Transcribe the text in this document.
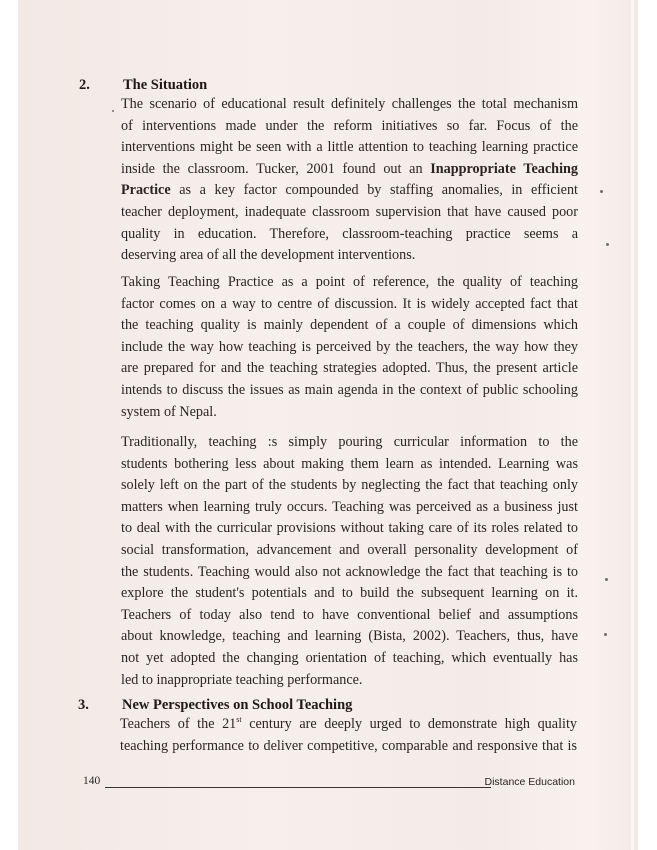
2. The Situation
The scenario of educational result definitely challenges the total mechanism
of interventions made under the reform initiatives so far. Focus of the
interventions might be seen with a little attention to teaching learning practice
inside the classroom. Tucker, 2001 found out an Inappropriate Teaching
Practice as a key factor compounded by staffing anomalies, in efficient
teacher deployment, inadequate classroom supervision that have caused poor
quality in education. Therefore, classroom-teaching practice seems a
deserving area of all the development interventions.
Taking Teaching Practice as a point of reference, the quality of teaching
factor comes on a way to centre of discussion. It is widely accepted fact that
the teaching quality is mainly dependent of a couple of dimensions which
include the way how teaching is perceived by the teachers, the way how they
are prepared for and the teaching strategies adopted. Thus, the present article
intends to discuss the issues as main agenda in the context of public schooling
system of Nepal.
Traditionally, teaching :s simply pouring curricular information to the
students bothering less about making them learn as intended. Learning was
solely left on the part of the students by neglecting the fact that teaching only
matters when learning truly occurs. Teaching was perceived as a business just
to deal with the curricular provisions without taking care of its roles related to
social transformation, advancement and overall personality development of
the students. Teaching would also not acknowledge the fact that teaching is to
explore the student's potentials and to build the subsequent learning on it.
Teachers of today also tend to have conventional belief and assumptions
about knowledge, teaching and learning (Bista, 2002). Teachers, thus, have
not yet adopted the changing orientation of teaching, which eventually has
led to inappropriate teaching performance.
3. New Perspectives on School Teaching
Teachers of the 21st century are deeply urged to demonstrate high quality
teaching performance to deliver competitive, comparable and responsive that is
140	Distance Education
